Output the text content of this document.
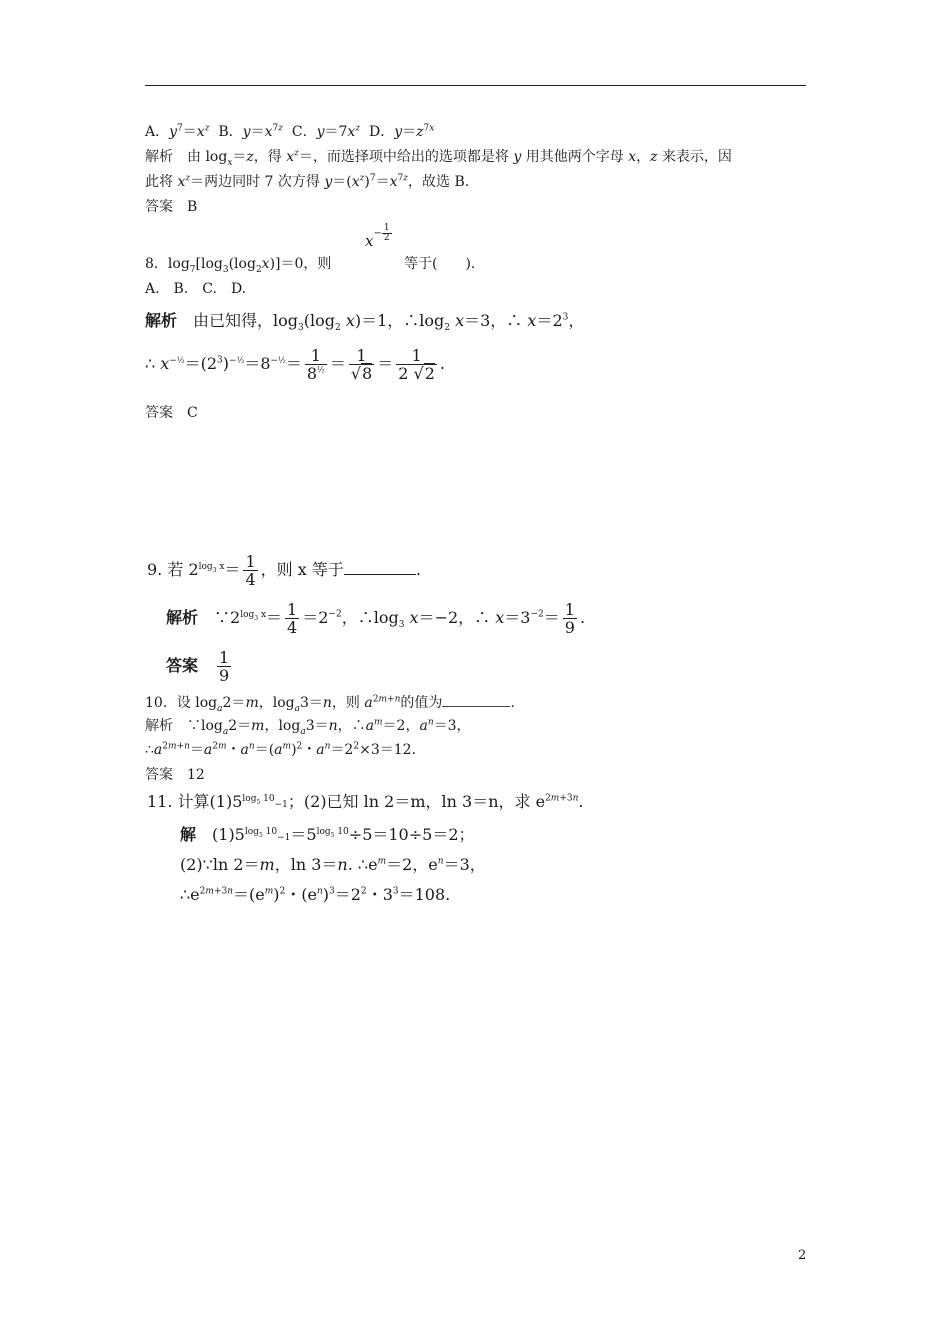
A．$y^7=x^z$  B．$y=x^{7z}$  C．$y=7x^z$  D．$y=z^{7x}$
解析　由 $\log_x=z$，得 $x^z=$，而选择项中给出的选项都是将 y 用其他两个字母 x，z 来表示，因
此将 $x^z=$两边同时 7 次方得 $y=(x^z)^7=x^{7z}$，故选 B.
答案　 B
$x^{- \frac{1}{2}}$
8．$\log_7[\log_3(\log_2x)]=0$，则	等于(　　)．
A.　B.　C.　D.
解析　由已知得，$\log_3(\log_2$ x)＝1，$\therefore\log_2$ x＝3，∴ $x=2^3$，
∴ $x^{-\frac{1}{2}}=(2^3)^{-\frac{1}{2}}=8^{-\frac{1}{2}}= \frac{1}{8^{\frac{1}{2}}} = \frac{1}{√8} = \frac{1}{2 √2}$ .
答案　 C
9. 若 $2^{log_3 x}= \frac{1}{4}$ ，则 x 等于	.
解析　$\because 2^{log_3 x}= \frac{1}{4} =2^{-2}$，$\therefore\log_3$ x＝−2，∴ $x=3^{-2}= \frac{1}{9}$ .
答案　 $\frac{1}{9}$
10．设 $\log_a2=m$，$\log_a3=n$，则 $a^{2m+n}$的值为	.
解析　$\because\log_a2=m$，$\log_a3=n$，$\therefore a^m=2$，$a^n=3$，
$\therefore a^{2m+n}=a^{2m}$・$a^n=(a^m)^2$・$a^n=2^2\times 3=12$.
答案　 12
11. 计算$(1)5^{log_5 10}-1$；(2)已知 ln 2＝m，ln 3＝n，求 $e^{2m+3n}$.
解　$(1)5^{log_5 10}-1=5^{log_5 10}\div 5=10\div 5=2$；
(2)∵ln 2＝m，ln 3＝n. $\therefore e^m=2$，$e^n=3$，
$\therefore e^{2m+3n}=(e^m)^2$・$(e^n)^3=2^2$・$3^3=108$.
2
